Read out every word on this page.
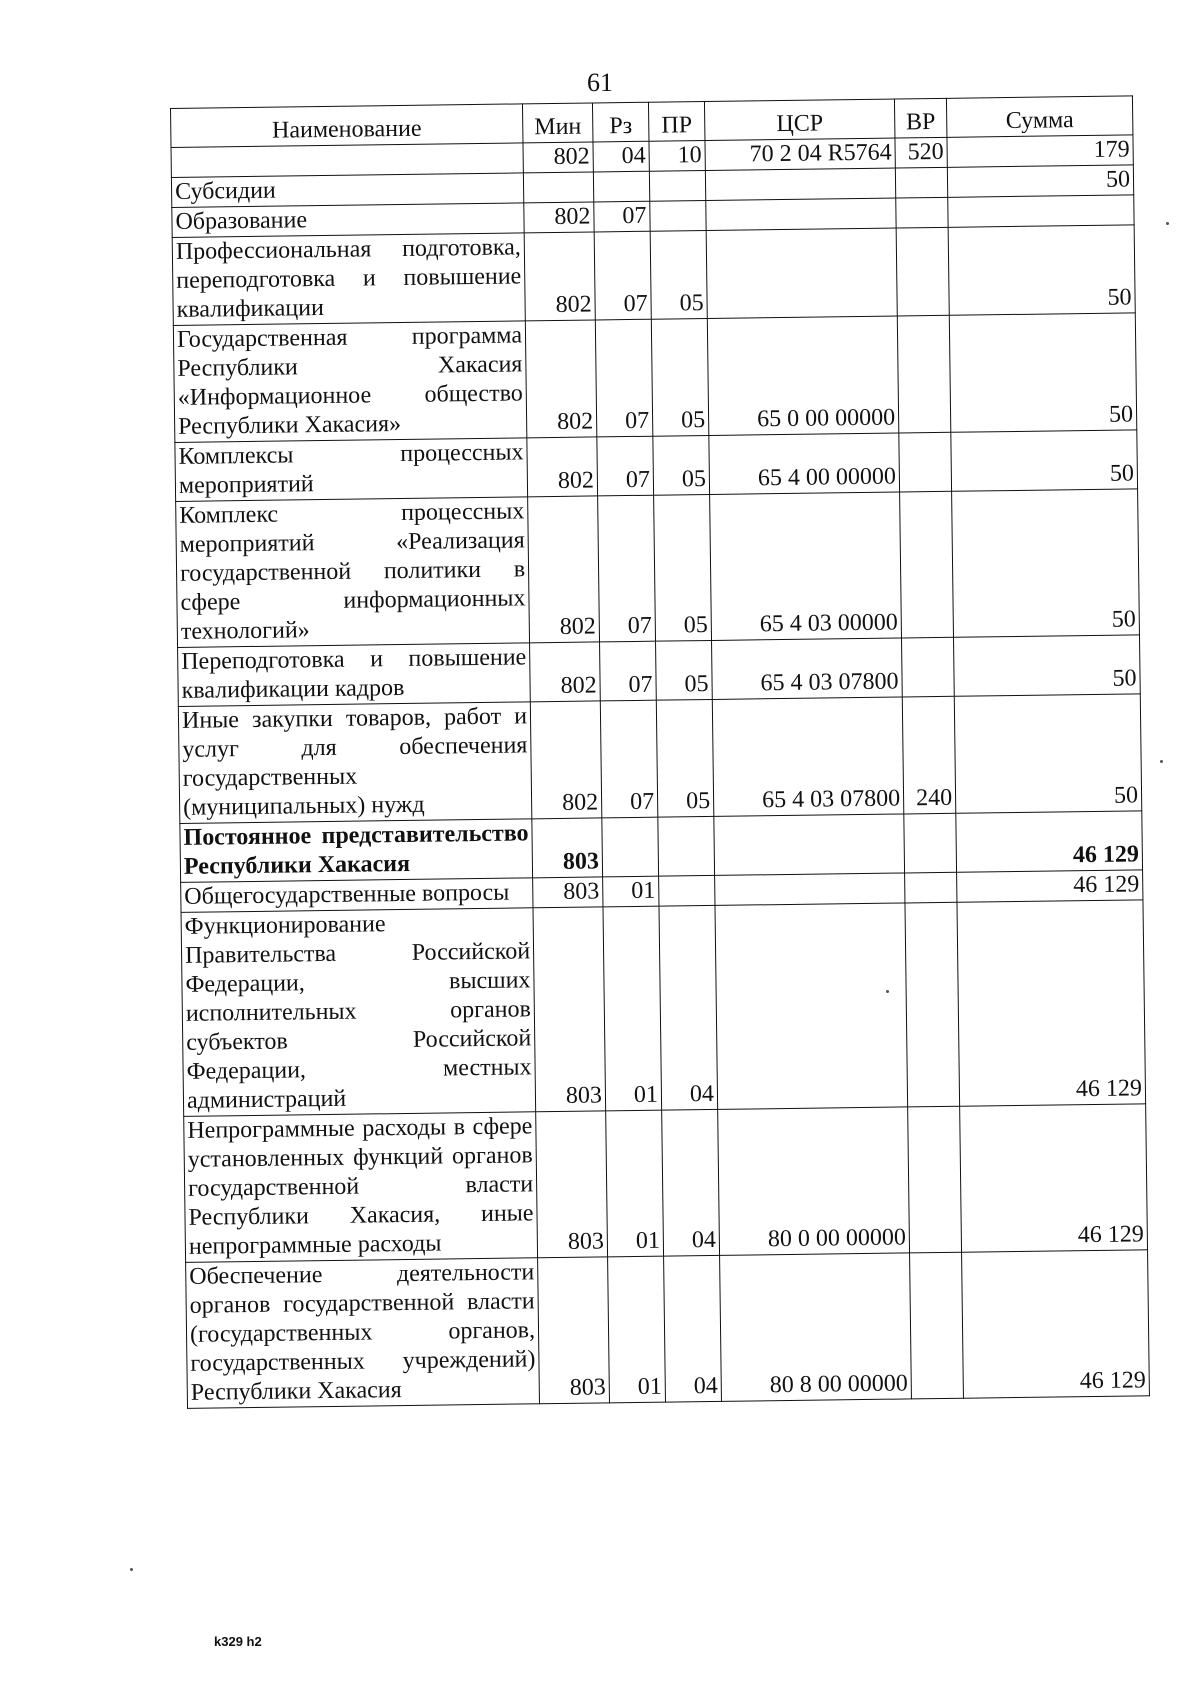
61
Наименование	Мин	Рз	ПР	ЦСР	ВР	Сумма
	802	04	10	70 2 04 R5764	520	179
Субсидии						50
Образование	802	07				
Профессиональная подготовка, переподготовка и повышение квалификации	802	07	05			50
Государственная программа Республики Хакасия «Информационное общество Республики Хакасия»	802	07	05	65 0 00 00000		50
Комплексы процессных мероприятий	802	07	05	65 4 00 00000		50
Комплекс процессных мероприятий «Реализация государственной политики в сфере информационных технологий»	802	07	05	65 4 03 00000		50
Переподготовка и повышение квалификации кадров	802	07	05	65 4 03 07800		50
Иные закупки товаров, работ и услуг для обеспечения государственных (муниципальных) нужд	802	07	05	65 4 03 07800	240	50
Постоянное представительство Республики Хакасия	803					46 129
Общегосударственные вопросы	803	01				46 129
Функционирование Правительства Российской Федерации, высших исполнительных органов субъектов Российской Федерации, местных администраций	803	01	04			46 129
Непрограммные расходы в сфере установленных функций органов государственной власти Республики Хакасия, иные непрограммные расходы	803	01	04	80 0 00 00000		46 129
Обеспечение деятельности органов государственной власти (государственных органов, государственных учреждений) Республики Хакасия	803	01	04	80 8 00 00000		46 129
k329 h2
